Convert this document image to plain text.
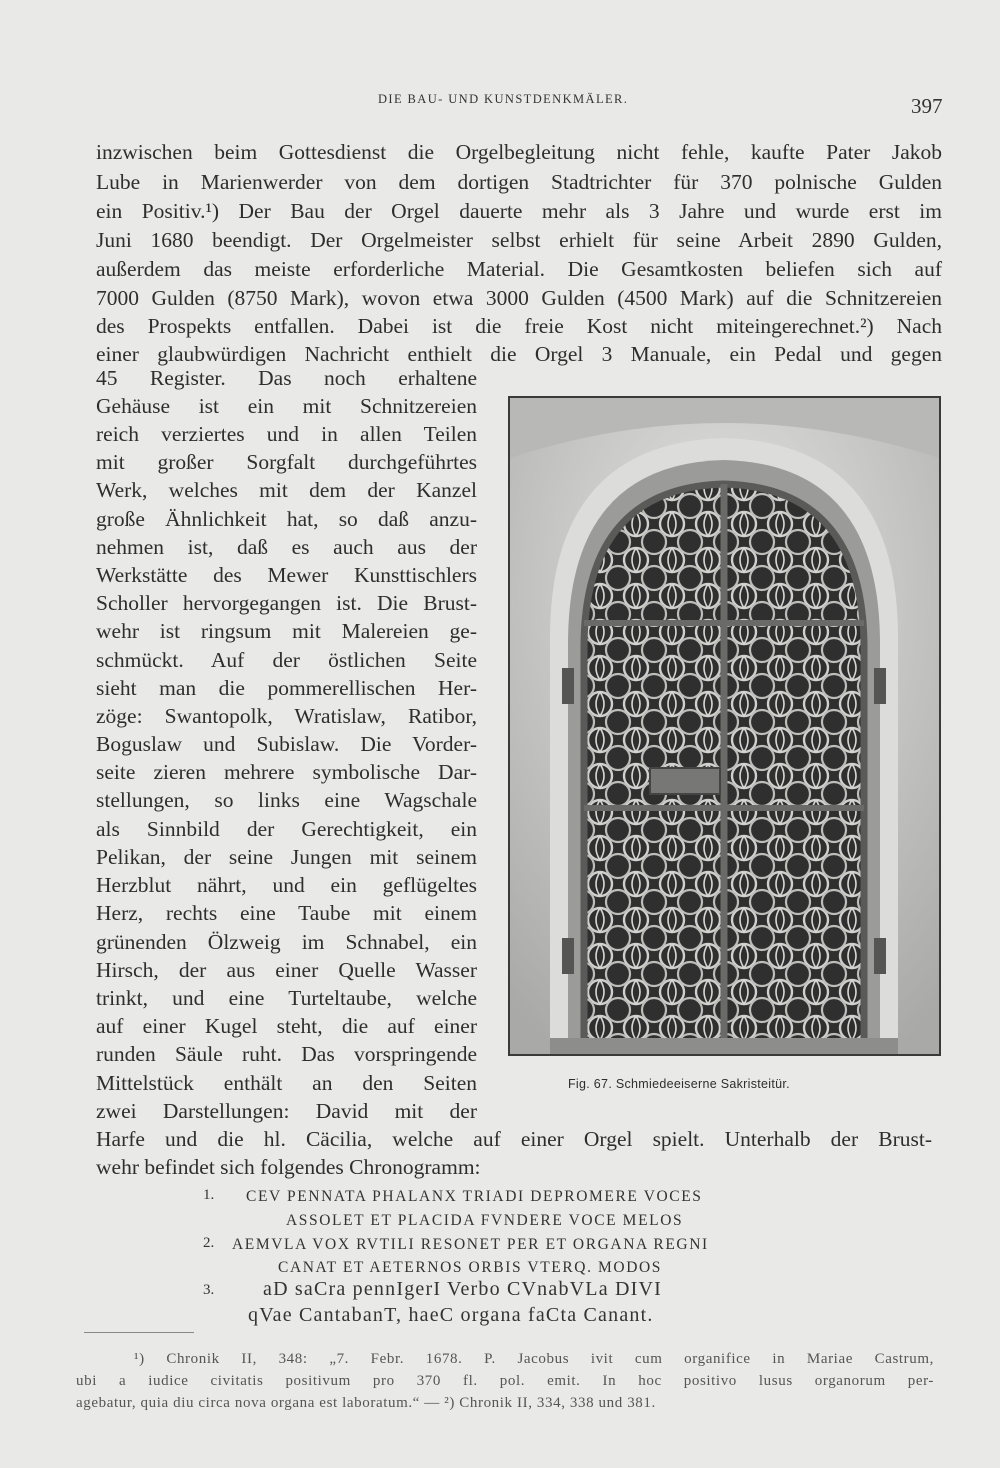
DIE BAU- UND KUNSTDENKMÄLER.	397
inzwischen beim Gottesdienst die Orgelbegleitung nicht fehle, kaufte Pater Jakob
Lube in Marienwerder von dem dortigen Stadtrichter für 370 polnische Gulden
ein Positiv.¹) Der Bau der Orgel dauerte mehr als 3 Jahre und wurde erst im
Juni 1680 beendigt. Der Orgelmeister selbst erhielt für seine Arbeit 2890 Gulden,
außerdem das meiste erforderliche Material. Die Gesamtkosten beliefen sich auf
7000 Gulden (8750 Mark), wovon etwa 3000 Gulden (4500 Mark) auf die Schnitzereien
des Prospekts entfallen. Dabei ist die freie Kost nicht miteingerechnet.²) Nach
einer glaubwürdigen Nachricht enthielt die Orgel 3 Manuale, ein Pedal und gegen
45 Register. Das noch erhaltene
Gehäuse ist ein mit Schnitzereien
reich verziertes und in allen Teilen
mit großer Sorgfalt durchgeführtes
Werk, welches mit dem der Kanzel
große Ähnlichkeit hat, so daß anzu-
nehmen ist, daß es auch aus der
Werkstätte des Mewer Kunsttischlers
Scholler hervorgegangen ist. Die Brust-
wehr ist ringsum mit Malereien ge-
schmückt. Auf der östlichen Seite
sieht man die pommerellischen Her-
zöge: Swantopolk, Wratislaw, Ratibor,
Boguslaw und Subislaw. Die Vorder-
seite zieren mehrere symbolische Dar-
stellungen, so links eine Wagschale
als Sinnbild der Gerechtigkeit, ein
Pelikan, der seine Jungen mit seinem
Herzblut nährt, und ein geflügeltes
Herz, rechts eine Taube mit einem
grünenden Ölzweig im Schnabel, ein
Hirsch, der aus einer Quelle Wasser
trinkt, und eine Turteltaube, welche
auf einer Kugel steht, die auf einer
runden Säule ruht. Das vorspringende
Mittelstück enthält an den Seiten
zwei Darstellungen: David mit der
Harfe und die hl. Cäcilia, welche auf einer Orgel spielt. Unterhalb der Brust-
wehr befindet sich folgendes Chronogramm:
Fig. 67. Schmiedeeiserne Sakristeitür.
1. CEV PENNATA PHALANX TRIADI DEPROMERE VOCES
ASSOLET ET PLACIDA FVNDERE VOCE MELOS
2. AEMVLA VOX RVTILI RESONET PER ET ORGANA REGNI
CANAT ET AETERNOS ORBIS VTERQ. MODOS
3. aD saCra pennIgerI Verbo CVnabVLa DIVI
qVae CantabanT, haeC organa faCta Canant.
¹) Chronik II, 348: „7. Febr. 1678. P. Jacobus ivit cum organifice in Mariae Castrum,
ubi a iudice civitatis positivum pro 370 fl. pol. emit. In hoc positivo lusus organorum per-
agebatur, quia diu circa nova organa est laboratum.“ — ²) Chronik II, 334, 338 und 381.
